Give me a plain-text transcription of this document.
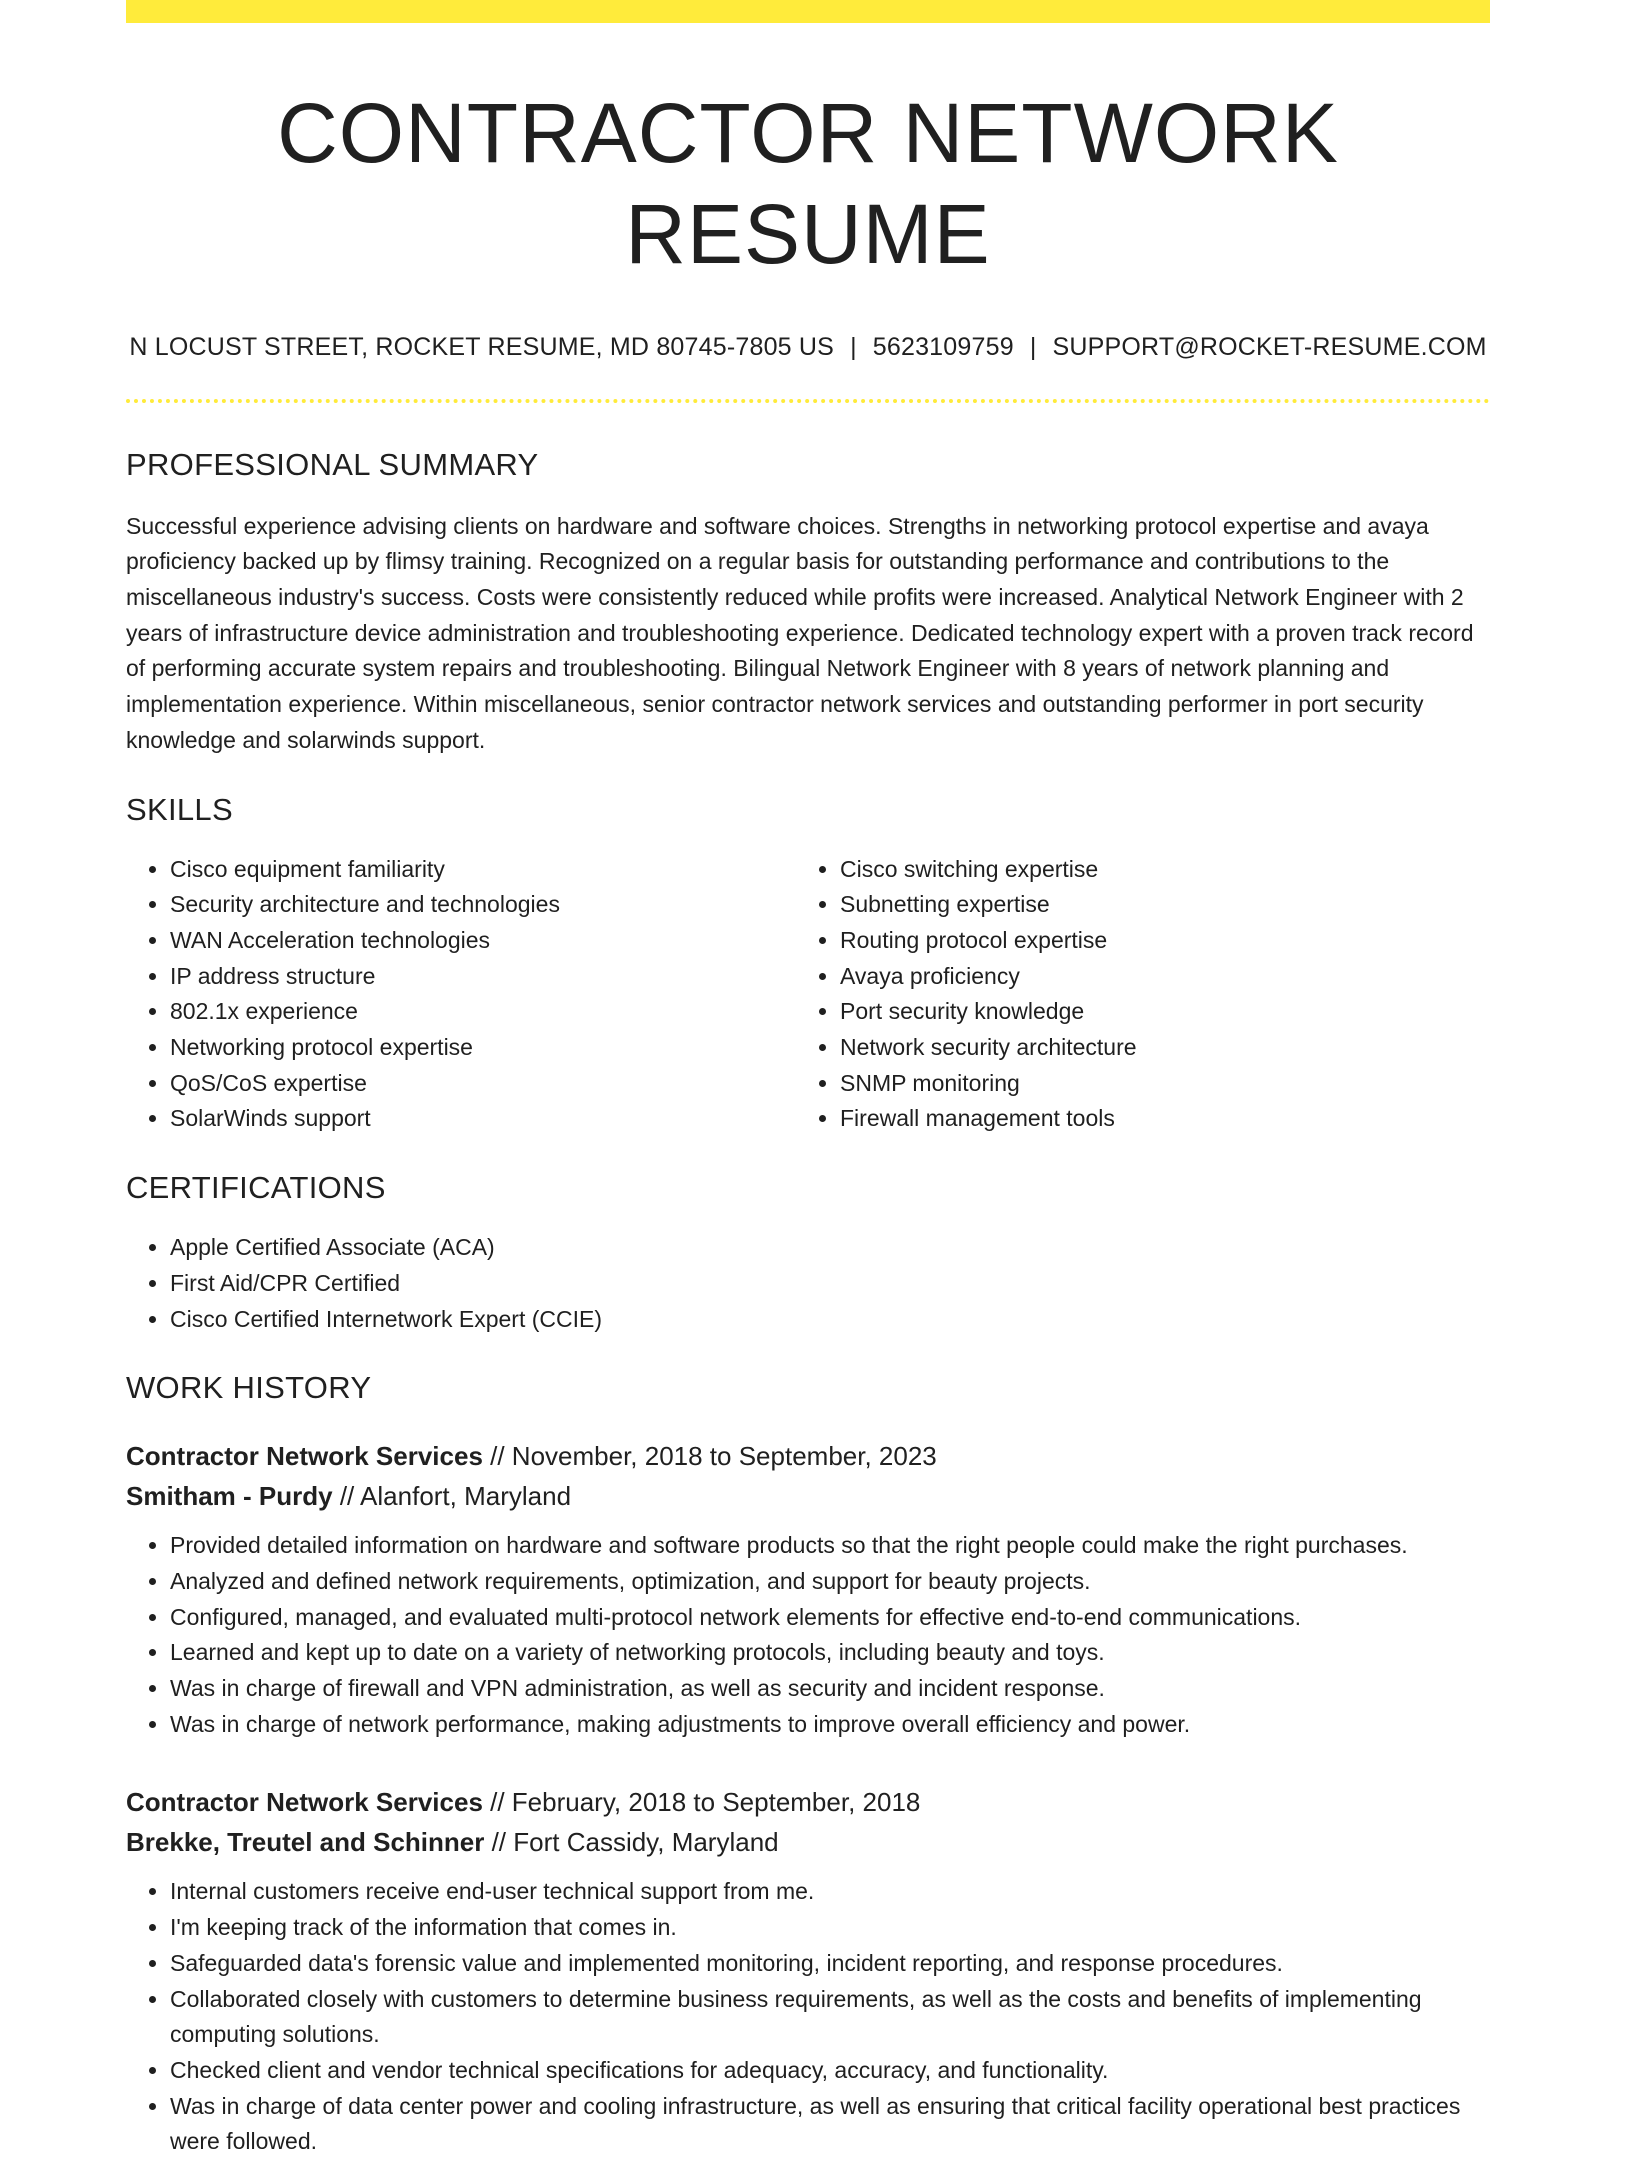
CONTRACTOR NETWORK RESUME
N LOCUST STREET, ROCKET RESUME, MD 80745-7805 US | 5623109759 | SUPPORT@ROCKET-RESUME.COM
PROFESSIONAL SUMMARY
Successful experience advising clients on hardware and software choices. Strengths in networking protocol expertise and avaya proficiency backed up by flimsy training. Recognized on a regular basis for outstanding performance and contributions to the miscellaneous industry's success. Costs were consistently reduced while profits were increased. Analytical Network Engineer with 2 years of infrastructure device administration and troubleshooting experience. Dedicated technology expert with a proven track record of performing accurate system repairs and troubleshooting. Bilingual Network Engineer with 8 years of network planning and implementation experience. Within miscellaneous, senior contractor network services and outstanding performer in port security knowledge and solarwinds support.
SKILLS
• Cisco equipment familiarity
• Security architecture and technologies
• WAN Acceleration technologies
• IP address structure
• 802.1x experience
• Networking protocol expertise
• QoS/CoS expertise
• SolarWinds support
• Cisco switching expertise
• Subnetting expertise
• Routing protocol expertise
• Avaya proficiency
• Port security knowledge
• Network security architecture
• SNMP monitoring
• Firewall management tools
CERTIFICATIONS
• Apple Certified Associate (ACA)
• First Aid/CPR Certified
• Cisco Certified Internetwork Expert (CCIE)
WORK HISTORY
Contractor Network Services // November, 2018 to September, 2023
Smitham - Purdy // Alanfort, Maryland
• Provided detailed information on hardware and software products so that the right people could make the right purchases.
• Analyzed and defined network requirements, optimization, and support for beauty projects.
• Configured, managed, and evaluated multi-protocol network elements for effective end-to-end communications.
• Learned and kept up to date on a variety of networking protocols, including beauty and toys.
• Was in charge of firewall and VPN administration, as well as security and incident response.
• Was in charge of network performance, making adjustments to improve overall efficiency and power.
Contractor Network Services // February, 2018 to September, 2018
Brekke, Treutel and Schinner // Fort Cassidy, Maryland
• Internal customers receive end-user technical support from me.
• I'm keeping track of the information that comes in.
• Safeguarded data's forensic value and implemented monitoring, incident reporting, and response procedures.
• Collaborated closely with customers to determine business requirements, as well as the costs and benefits of implementing computing solutions.
• Checked client and vendor technical specifications for adequacy, accuracy, and functionality.
• Was in charge of data center power and cooling infrastructure, as well as ensuring that critical facility operational best practices were followed.
